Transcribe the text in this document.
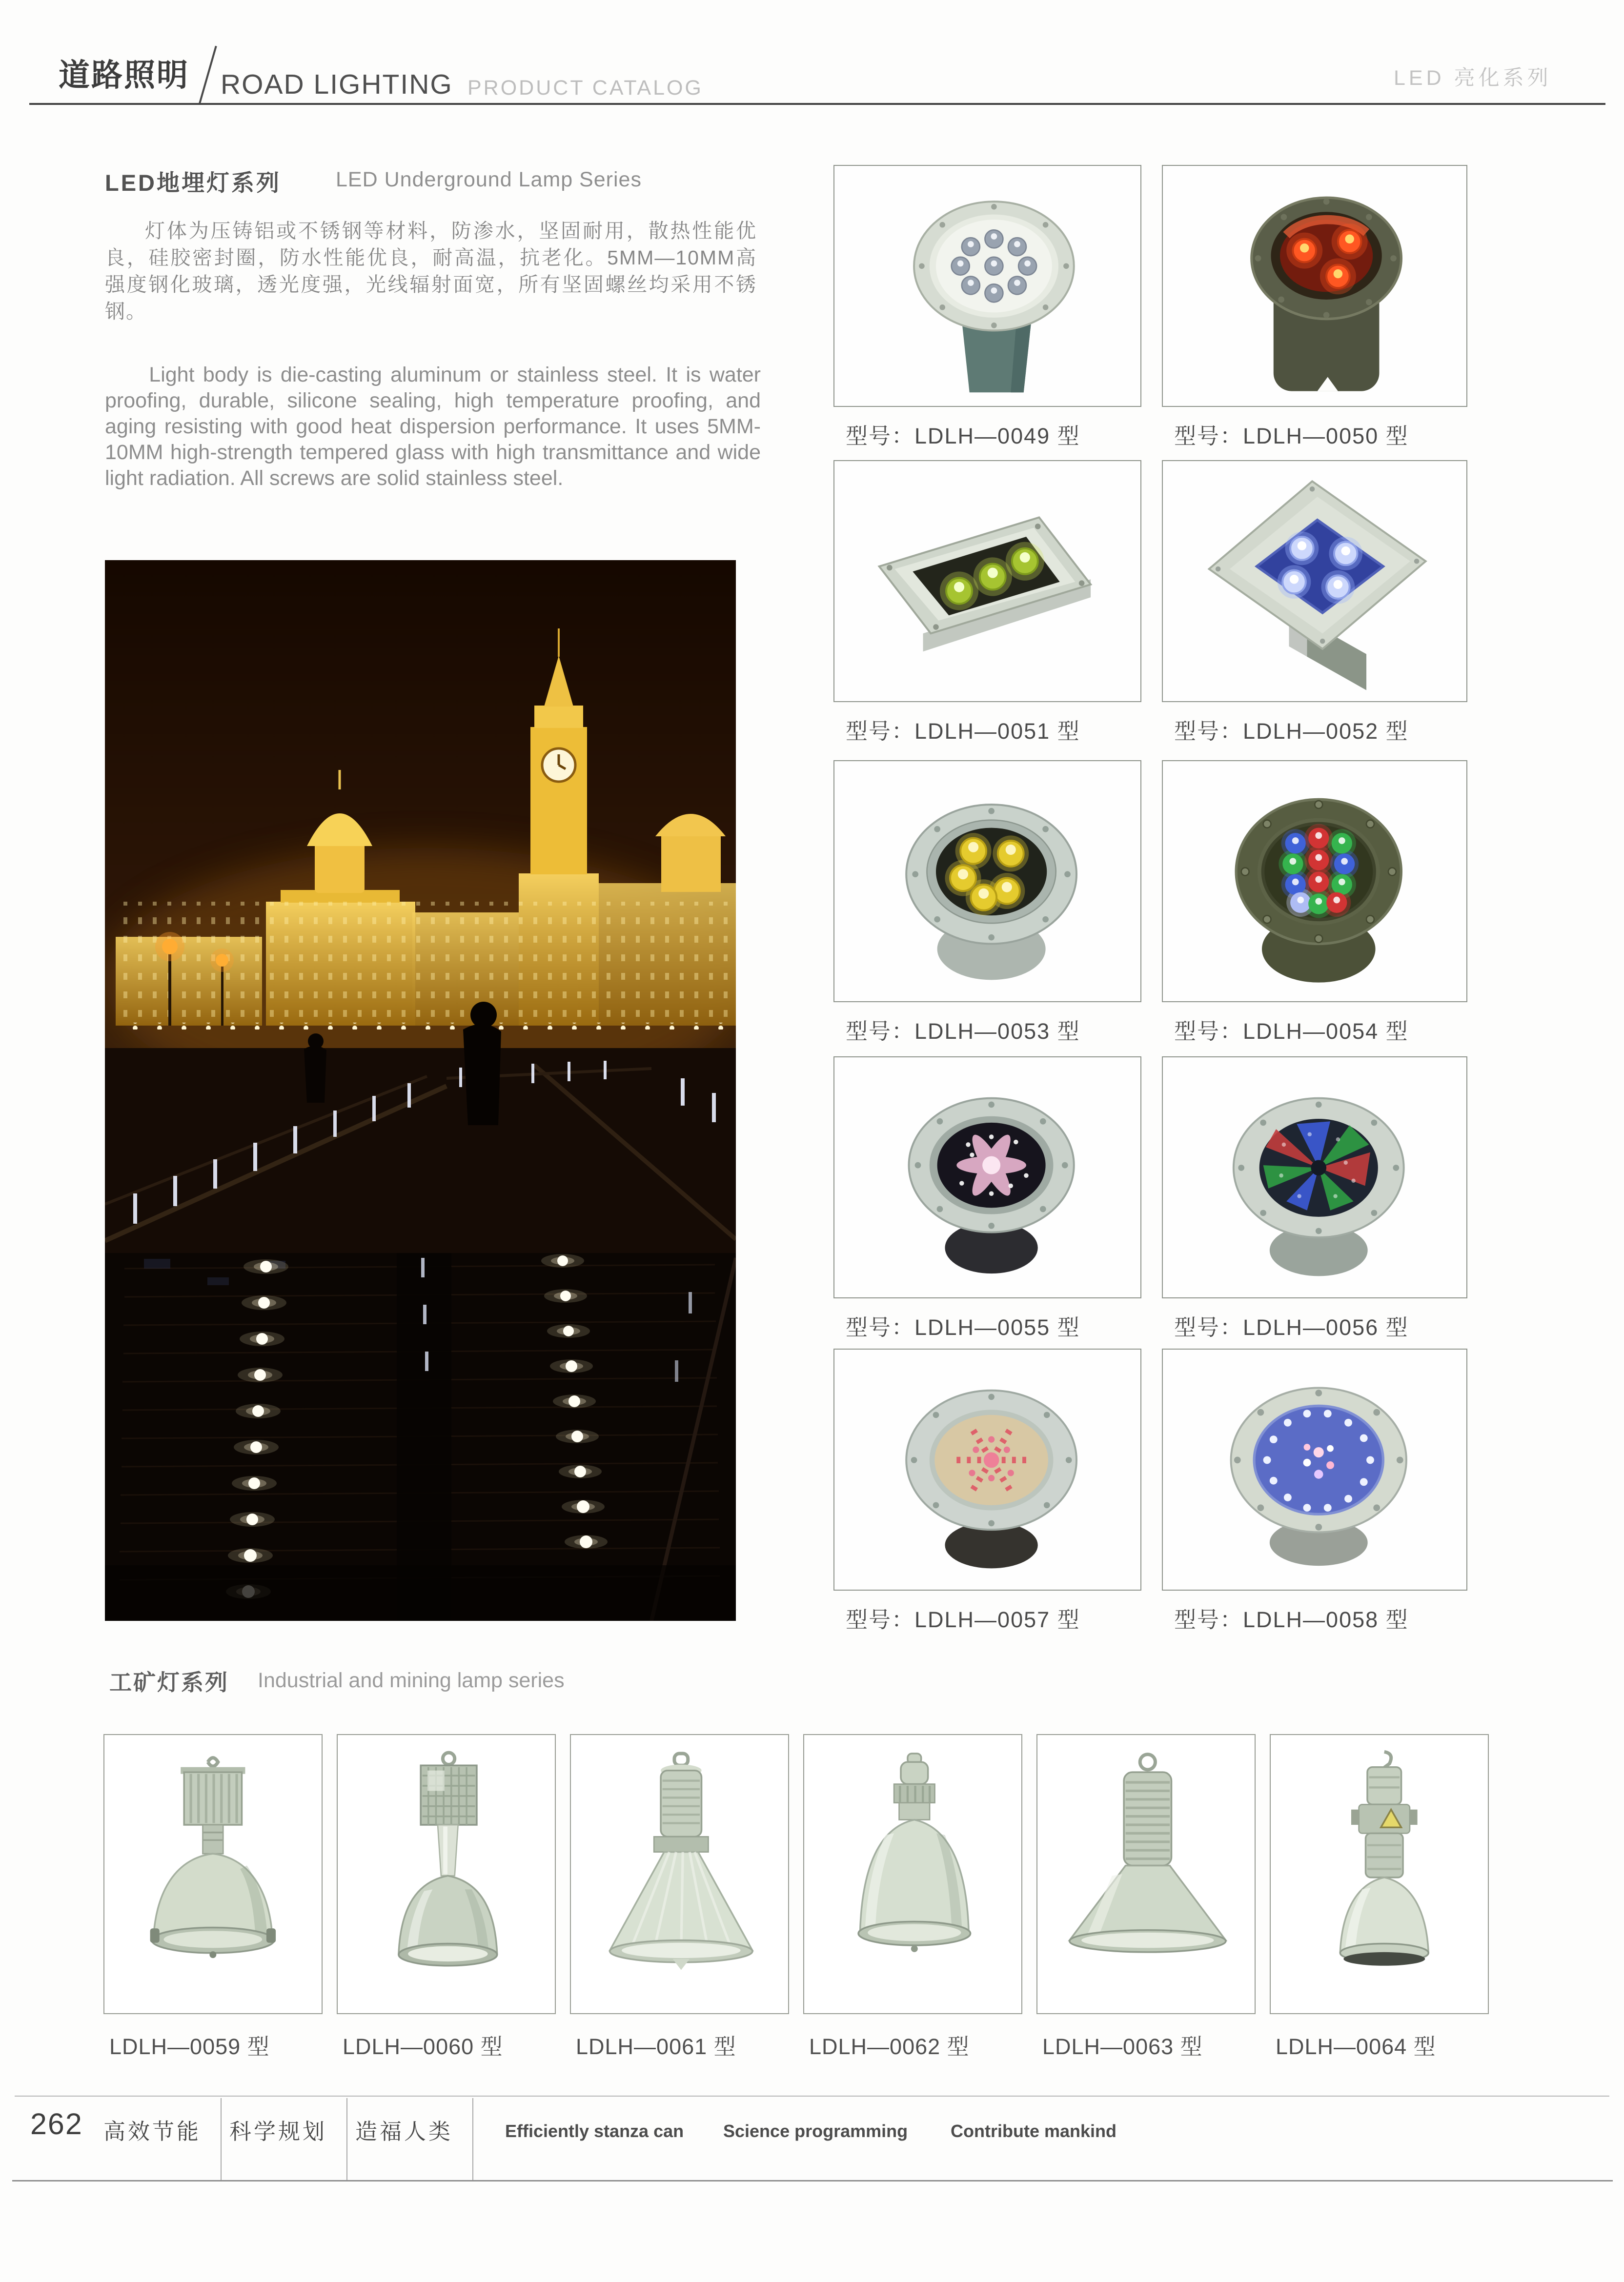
道路照明 ROAD LIGHTING PRODUCT CATALOG	LED 亮化系列
LED地埋灯系列	LED Underground Lamp Series
灯体为压铸铝或不锈钢等材料，防渗水，坚固耐用，散热性能优良，硅胶密封圈，防水性能优良，耐高温，抗老化。5MM—10MM高强度钢化玻璃，透光度强，光线辐射面宽，所有坚固螺丝均采用不锈钢。
Light body is die-casting aluminum or stainless steel. It is water proofing, durable, silicone sealing, high temperature proofing, and aging resisting with good heat dispersion performance. It uses 5MM-10MM high-strength tempered glass with high transmittance and wide light radiation. All screws are solid stainless steel.
型号：LDLH—0049 型	型号：LDLH—0050 型
型号：LDLH—0051 型	型号：LDLH—0052 型
型号：LDLH—0053 型	型号：LDLH—0054 型
型号：LDLH—0055 型	型号：LDLH—0056 型
型号：LDLH—0057 型	型号：LDLH—0058 型
工矿灯系列 Industrial and mining lamp series
LDLH—0059 型	LDLH—0060 型	LDLH—0061 型	LDLH—0062 型	LDLH—0063 型	LDLH—0064 型
262 高效节能 科学规划 造福人类	Efficiently stanza can Science programming Contribute mankind
